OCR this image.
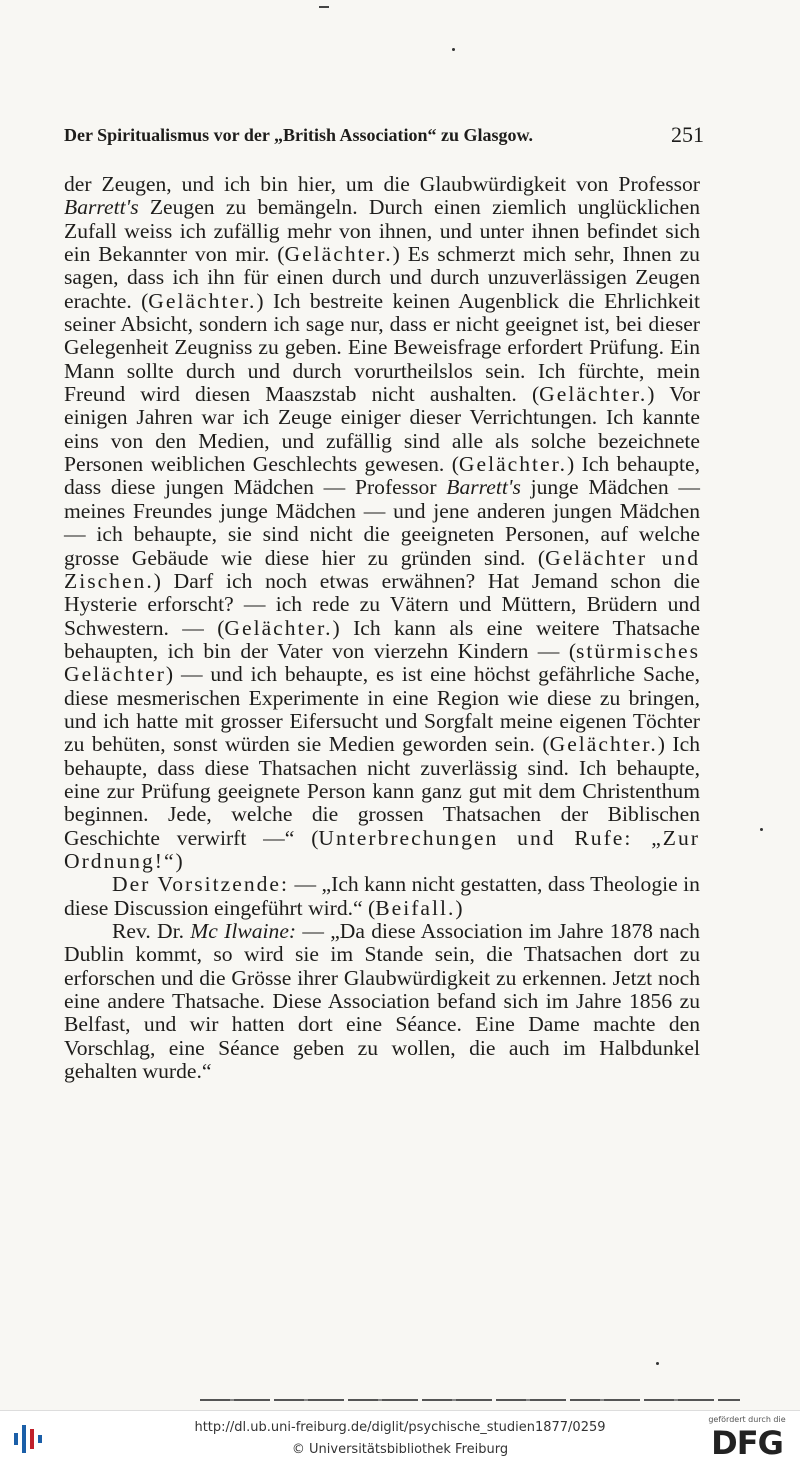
Der Spiritualismus vor der „British Association“ zu Glasgow.	251

der Zeugen, und ich bin hier, um die Glaubwürdigkeit von Professor Barrett's Zeugen zu bemängeln. Durch einen ziemlich unglücklichen Zufall weiss ich zufällig mehr von ihnen, und unter ihnen befindet sich ein Bekannter von mir. (Gelächter.) Es schmerzt mich sehr, Ihnen zu sagen, dass ich ihn für einen durch und durch unzuverlässigen Zeugen erachte. (Gelächter.) Ich bestreite keinen Augenblick die Ehrlichkeit seiner Absicht, sondern ich sage nur, dass er nicht geeignet ist, bei dieser Gelegenheit Zeugniss zu geben. Eine Beweisfrage erfordert Prüfung. Ein Mann sollte durch und durch vorurtheilslos sein. Ich fürchte, mein Freund wird diesen Maaszstab nicht aushalten. (Gelächter.) Vor einigen Jahren war ich Zeuge einiger dieser Verrichtungen. Ich kannte eins von den Medien, und zufällig sind alle als solche bezeichnete Personen weiblichen Geschlechts gewesen. (Gelächter.) Ich behaupte, dass diese jungen Mädchen — Professor Barrett's junge Mädchen — meines Freundes junge Mädchen — und jene anderen jungen Mädchen — ich behaupte, sie sind nicht die geeigneten Personen, auf welche grosse Gebäude wie diese hier zu gründen sind. (Gelächter und Zischen.) Darf ich noch etwas erwähnen? Hat Jemand schon die Hysterie erforscht? — ich rede zu Vätern und Müttern, Brüdern und Schwestern. — (Gelächter.) Ich kann als eine weitere Thatsache behaupten, ich bin der Vater von vierzehn Kindern — (stürmisches Gelächter) — und ich behaupte, es ist eine höchst gefährliche Sache, diese mesmerischen Experimente in eine Region wie diese zu bringen, und ich hatte mit grosser Eifersucht und Sorgfalt meine eigenen Töchter zu behüten, sonst würden sie Medien geworden sein. (Gelächter.) Ich behaupte, dass diese Thatsachen nicht zuverlässig sind. Ich behaupte, eine zur Prüfung geeignete Person kann ganz gut mit dem Christenthum beginnen. Jede, welche die grossen Thatsachen der Biblischen Geschichte verwirft —“ (Unterbrechungen und Rufe: „Zur Ordnung!“)

Der Vorsitzende: — „Ich kann nicht gestatten, dass Theologie in diese Discussion eingeführt wird.“ (Beifall.)

Rev. Dr. Mc Ilwaine: — „Da diese Association im Jahre 1878 nach Dublin kommt, so wird sie im Stande sein, die Thatsachen dort zu erforschen und die Grösse ihrer Glaubwürdigkeit zu erkennen. Jetzt noch eine andere Thatsache. Diese Association befand sich im Jahre 1856 zu Belfast, und wir hatten dort eine Séance. Eine Dame machte den Vorschlag, eine Séance geben zu wollen, die auch im Halbdunkel gehalten wurde.“

http://dl.ub.uni-freiburg.de/diglit/psychische_studien1877/0259
© Universitätsbibliothek Freiburg
gefördert durch die
DFG
